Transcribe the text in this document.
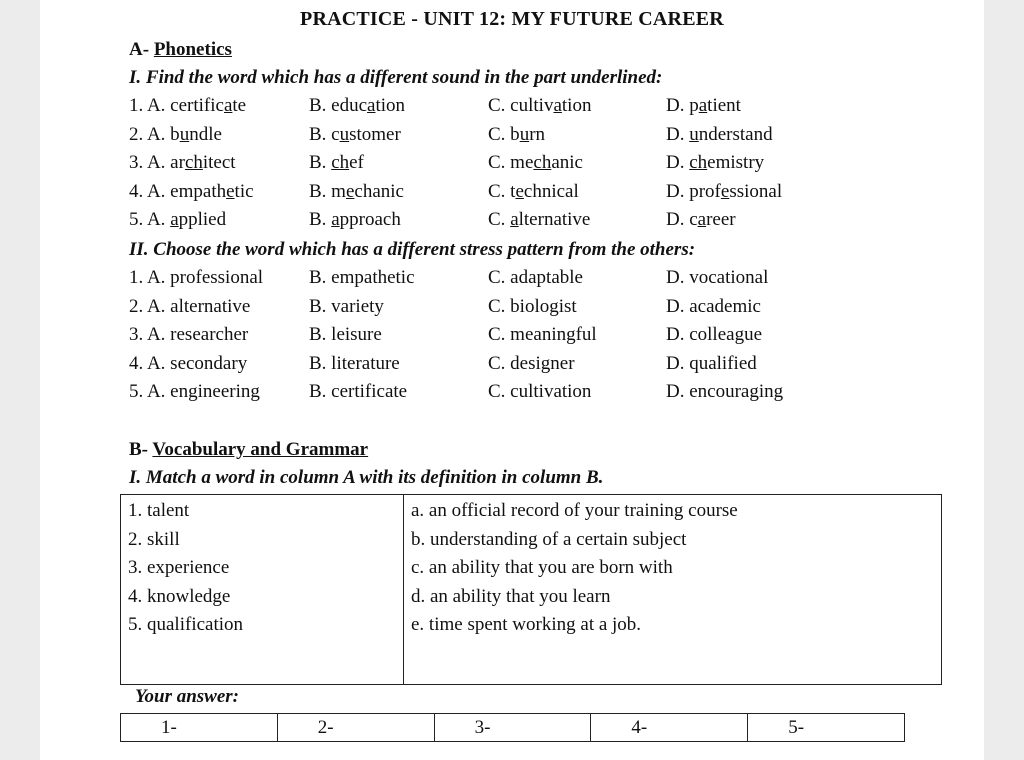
PRACTICE - UNIT 12: MY FUTURE CAREER
A- Phonetics
I. Find the word which has a different sound in the part underlined:
1. A. certificate	B. education	C. cultivation	D. patient
2. A. bundle	B. customer	C. burn	D. understand
3. A. architect	B. chef	C. mechanic	D. chemistry
4. A. empathetic	B. mechanic	C. technical	D. professional
5. A. applied	B. approach	C. alternative	D. career
II. Choose the word which has a different stress pattern from the others:
1. A. professional B. empathetic	C. adaptable	D. vocational
2. A. alternative	B. variety	C. biologist	D. academic
3. A. researcher	B. leisure	C. meaningful	D. colleague
4. A. secondary	B. literature	C. designer	D. qualified
5. A. engineering	B. certificate	C. cultivation	D. encouraging
B- Vocabulary and Grammar
I. Match a word in column A with its definition in column B.
1. talent
2. skill
3. experience
4. knowledge
5. qualification

a. an official record of your training course
b. understanding of a certain subject
c. an ability that you are born with
d. an ability that you learn
e. time spent working at a job.
Your answer:
1-	2-	3-	4-	5-
